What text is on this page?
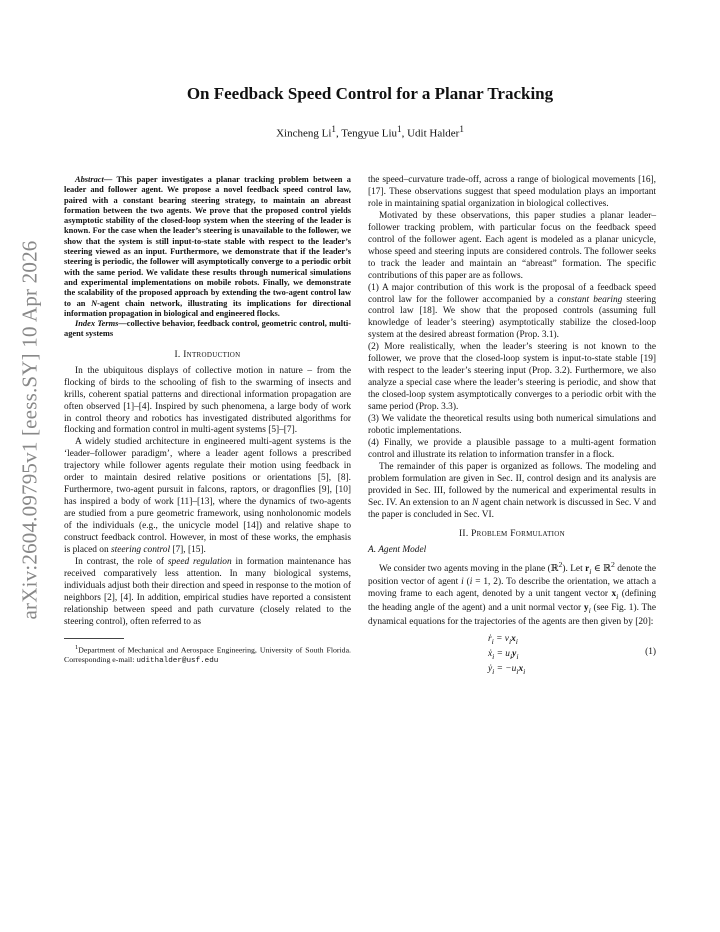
arXiv:2604.09795v1 [eess.SY] 10 Apr 2026
On Feedback Speed Control for a Planar Tracking
Xincheng Li$^1$, Tengyue Liu$^1$, Udit Halder$^1$

Abstract— This paper investigates a planar tracking problem between a leader and follower agent. We propose a novel feedback speed control law, paired with a constant bearing steering strategy, to maintain an abreast formation between the two agents. We prove that the proposed control yields asymptotic stability of the closed-loop system when the steering of the leader is known. For the case when the leader’s steering is unavailable to the follower, we show that the system is still input-to-state stable with respect to the leader’s steering viewed as an input. Furthermore, we demonstrate that if the leader’s steering is periodic, the follower will asymptotically converge to a periodic orbit with the same period. We validate these results through numerical simulations and experimental implementations on mobile robots. Finally, we demonstrate the scalability of the proposed approach by extending the two-agent control law to an N-agent chain network, illustrating its implications for directional information propagation in biological and engineered flocks.

Index Terms—collective behavior, feedback control, geometric control, multi-agent systems

I. Introduction

In the ubiquitous displays of collective motion in nature – from the flocking of birds to the schooling of fish to the swarming of insects and krills, coherent spatial patterns and directional information propagation are often observed [1]–[4]. Inspired by such phenomena, a large body of work in control theory and robotics has investigated distributed algorithms for flocking and formation control in multi-agent systems [5]–[7].

A widely studied architecture in engineered multi-agent systems is the ‘leader–follower paradigm’, where a leader agent follows a prescribed trajectory while follower agents regulate their motion using feedback in order to maintain desired relative positions or orientations [5], [8]. Furthermore, two-agent pursuit in falcons, raptors, or dragonflies [9], [10] has inspired a body of work [11]–[13], where the dynamics of two-agents are studied from a pure geometric framework, using nonholonomic models of the individuals (e.g., the unicycle model [14]) and relative shape to construct feedback control. However, in most of these works, the emphasis is placed on steering control [7], [15].

In contrast, the role of speed regulation in formation maintenance has received comparatively less attention. In many biological systems, individuals adjust both their direction and speed in response to the motion of neighbors [2], [4]. In addition, empirical studies have reported a consistent relationship between speed and path curvature (closely related to the steering control), often referred to as

$^1$Department of Mechanical and Aerospace Engineering, University of South Florida. Corresponding e-mail: udithalder@usf.edu

the speed–curvature trade-off, across a range of biological movements [16], [17]. These observations suggest that speed modulation plays an important role in maintaining spatial organization in biological collectives.

Motivated by these observations, this paper studies a planar leader–follower tracking problem, with particular focus on the feedback speed control of the follower agent. Each agent is modeled as a planar unicycle, whose speed and steering inputs are considered controls. The follower seeks to track the leader and maintain an “abreast” formation. The specific contributions of this paper are as follows.

(1) A major contribution of this work is the proposal of a feedback speed control law for the follower accompanied by a constant bearing steering control law [18]. We show that the proposed controls (assuming full knowledge of leader’s steering) asymptotically stabilize the closed-loop system at the desired abreast formation (Prop. 3.1).

(2) More realistically, when the leader’s steering is not known to the follower, we prove that the closed-loop system is input-to-state stable [19] with respect to the leader’s steering input (Prop. 3.2). Furthermore, we also analyze a special case where the leader’s steering is periodic, and show that the closed-loop system asymptotically converges to a periodic orbit with the same period (Prop. 3.3).

(3) We validate the theoretical results using both numerical simulations and robotic implementations.

(4) Finally, we provide a plausible passage to a multi-agent formation control and illustrate its relation to information transfer in a flock.

The remainder of this paper is organized as follows. The modeling and problem formulation are given in Sec. II, control design and its analysis are provided in Sec. III, followed by the numerical and experimental results in Sec. IV. An extension to an N agent chain network is discussed in Sec. V and the paper is concluded in Sec. VI.

II. Problem Formulation

A. Agent Model

We consider two agents moving in the plane (ℝ$^2$). Let $r_i$ ∈ ℝ$^2$ denote the position vector of agent i (i = 1, 2). To describe the orientation, we attach a moving frame to each agent, denoted by a unit tangent vector $x_i$ (defining the heading angle of the agent) and a unit normal vector $y_i$ (see Fig. 1). The dynamical equations for the trajectories of the agents are then given by [20]:

ṙ$_i$ = $v_ix_i$
ẋ$_i$ = $u_iy_i$
ẏ$_i$ = $-u_ix_i$
(1)
